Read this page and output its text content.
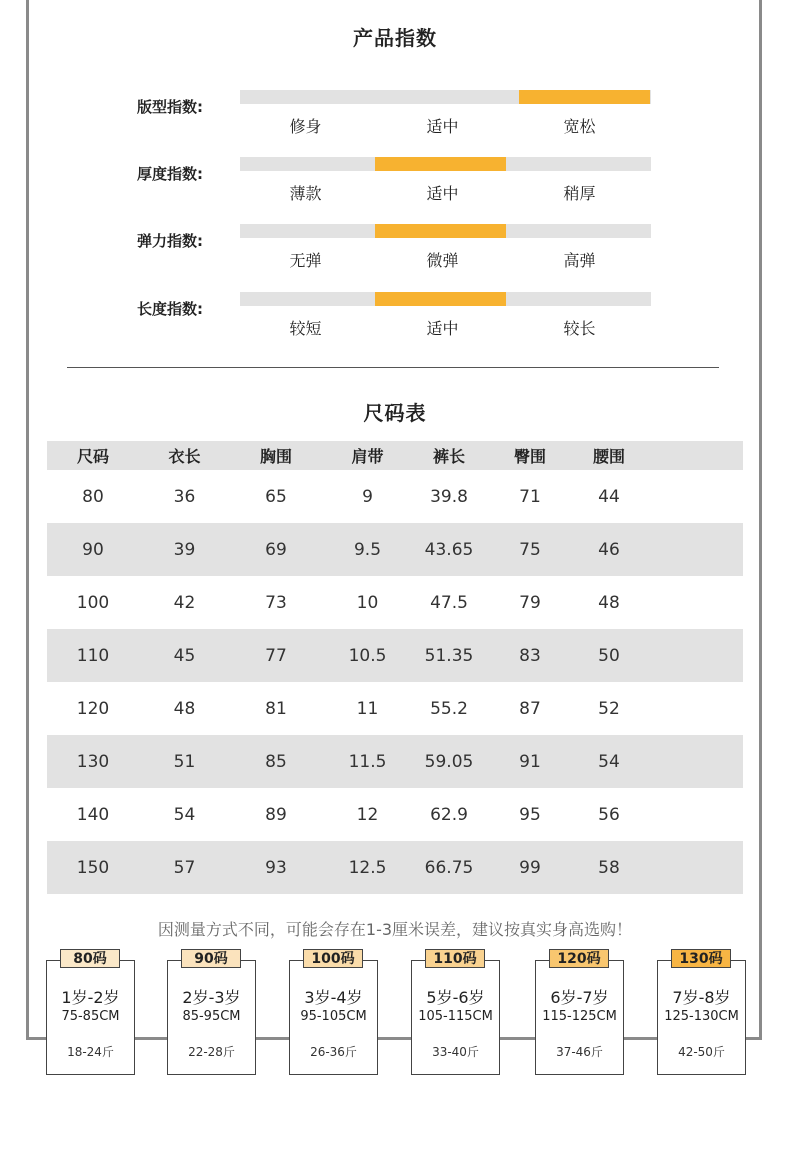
产品指数
版型指数:
修身	适中	宽松
厚度指数:
薄款	适中	稍厚
弹力指数:
无弹	微弹	高弹
长度指数:
较短	适中	较长
尺码表
尺码	衣长	胸围	肩带	裤长	臀围	腰围	
80	36	65	9	39.8	71	44	
90	39	69	9.5	43.65	75	46	
100	42	73	10	47.5	79	48	
110	45	77	10.5	51.35	83	50	
120	48	81	11	55.2	87	52	
130	51	85	11.5	59.05	91	54	
140	54	89	12	62.9	95	56	
150	57	93	12.5	66.75	99	58	
因测量方式不同，可能会存在1-3厘米误差，建议按真实身高选购！
1岁-2岁
75-85CM
18-24斤
80码
2岁-3岁
85-95CM
22-28斤
90码
3岁-4岁
95-105CM
26-36斤
100码
5岁-6岁
105-115CM
33-40斤
110码
6岁-7岁
115-125CM
37-46斤
120码
7岁-8岁
125-130CM
42-50斤
130码
